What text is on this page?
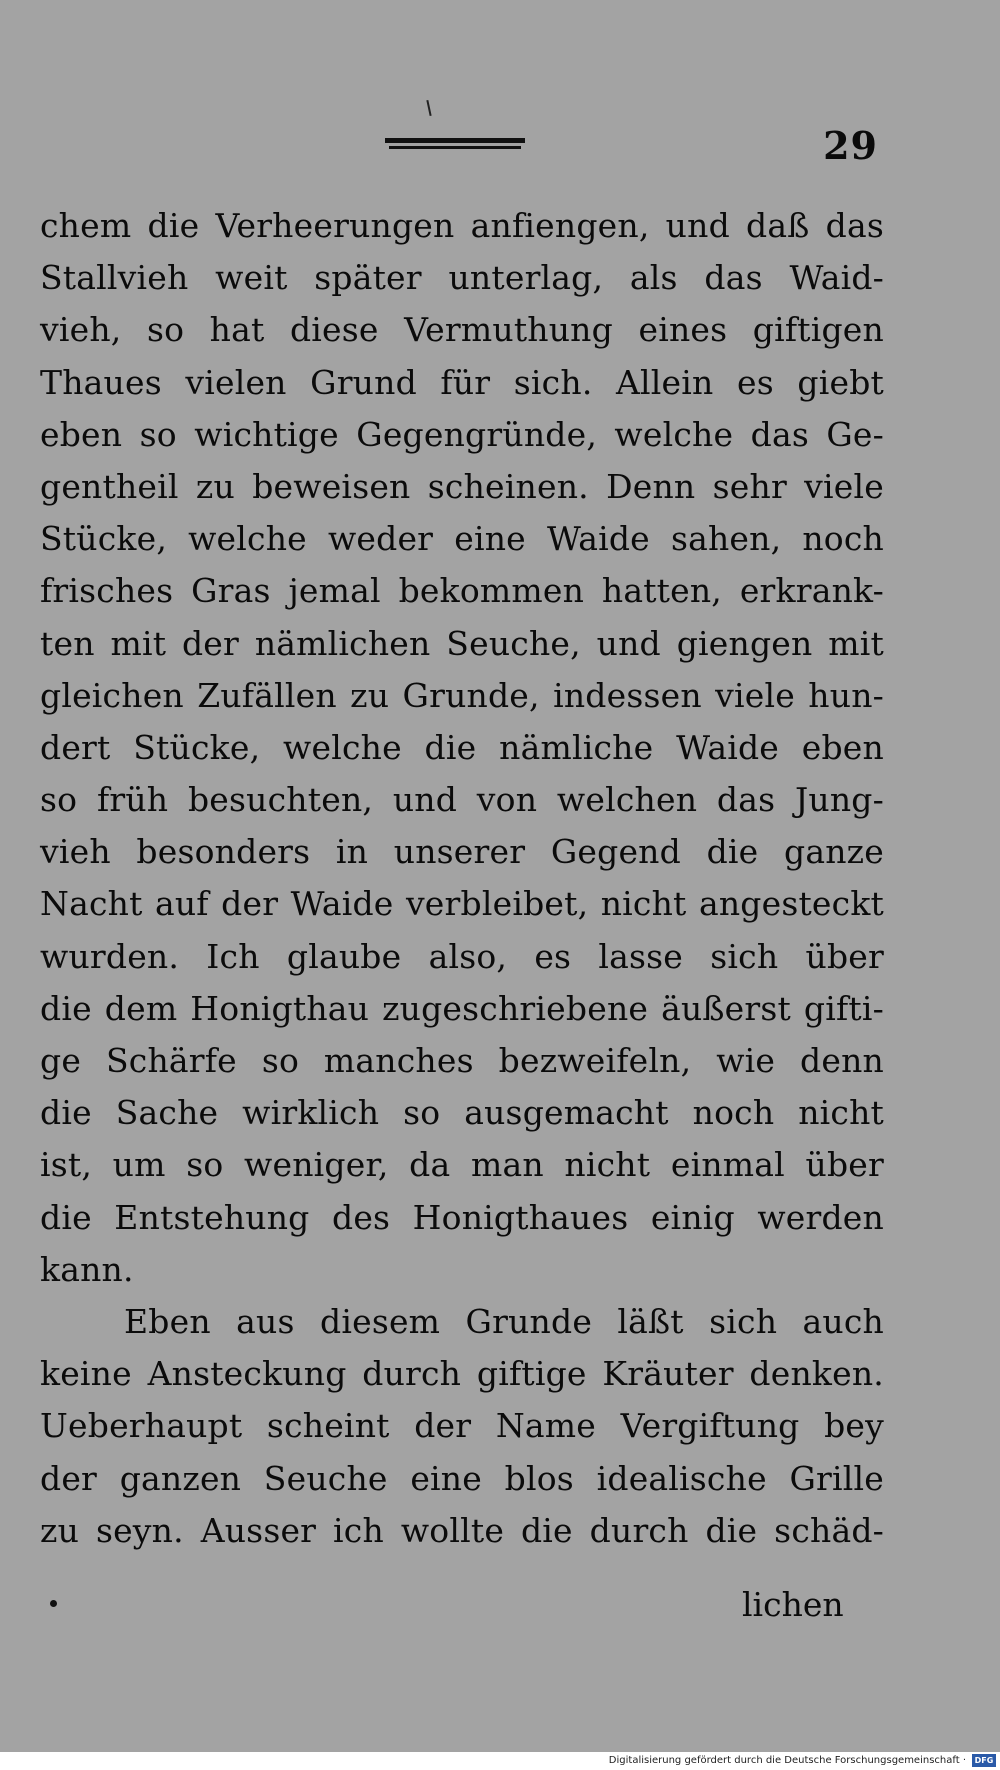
29
chem die Verheerungen anfiengen, und daß das
Stallvieh weit später unterlag, als das Waid-
vieh, so hat diese Vermuthung eines giftigen
Thaues vielen Grund für sich. Allein es giebt
eben so wichtige Gegengründe, welche das Ge-
gentheil zu beweisen scheinen. Denn sehr viele
Stücke, welche weder eine Waide sahen, noch
frisches Gras jemal bekommen hatten, erkrank-
ten mit der nämlichen Seuche, und giengen mit
gleichen Zufällen zu Grunde, indessen viele hun-
dert Stücke, welche die nämliche Waide eben
so früh besuchten, und von welchen das Jung-
vieh besonders in unserer Gegend die ganze
Nacht auf der Waide verbleibet, nicht angesteckt
wurden. Ich glaube also, es lasse sich über
die dem Honigthau zugeschriebene äußerst gifti-
ge Schärfe so manches bezweifeln, wie denn
die Sache wirklich so ausgemacht noch nicht
ist, um so weniger, da man nicht einmal über
die Entstehung des Honigthaues einig werden
kann.
Eben aus diesem Grunde läßt sich auch
keine Ansteckung durch giftige Kräuter denken.
Ueberhaupt scheint der Name Vergiftung bey
der ganzen Seuche eine blos idealische Grille
zu seyn. Ausser ich wollte die durch die schäd-
lichen
Digitalisierung gefördert durch die Deutsche Forschungsgemeinschaft ·	DFG
